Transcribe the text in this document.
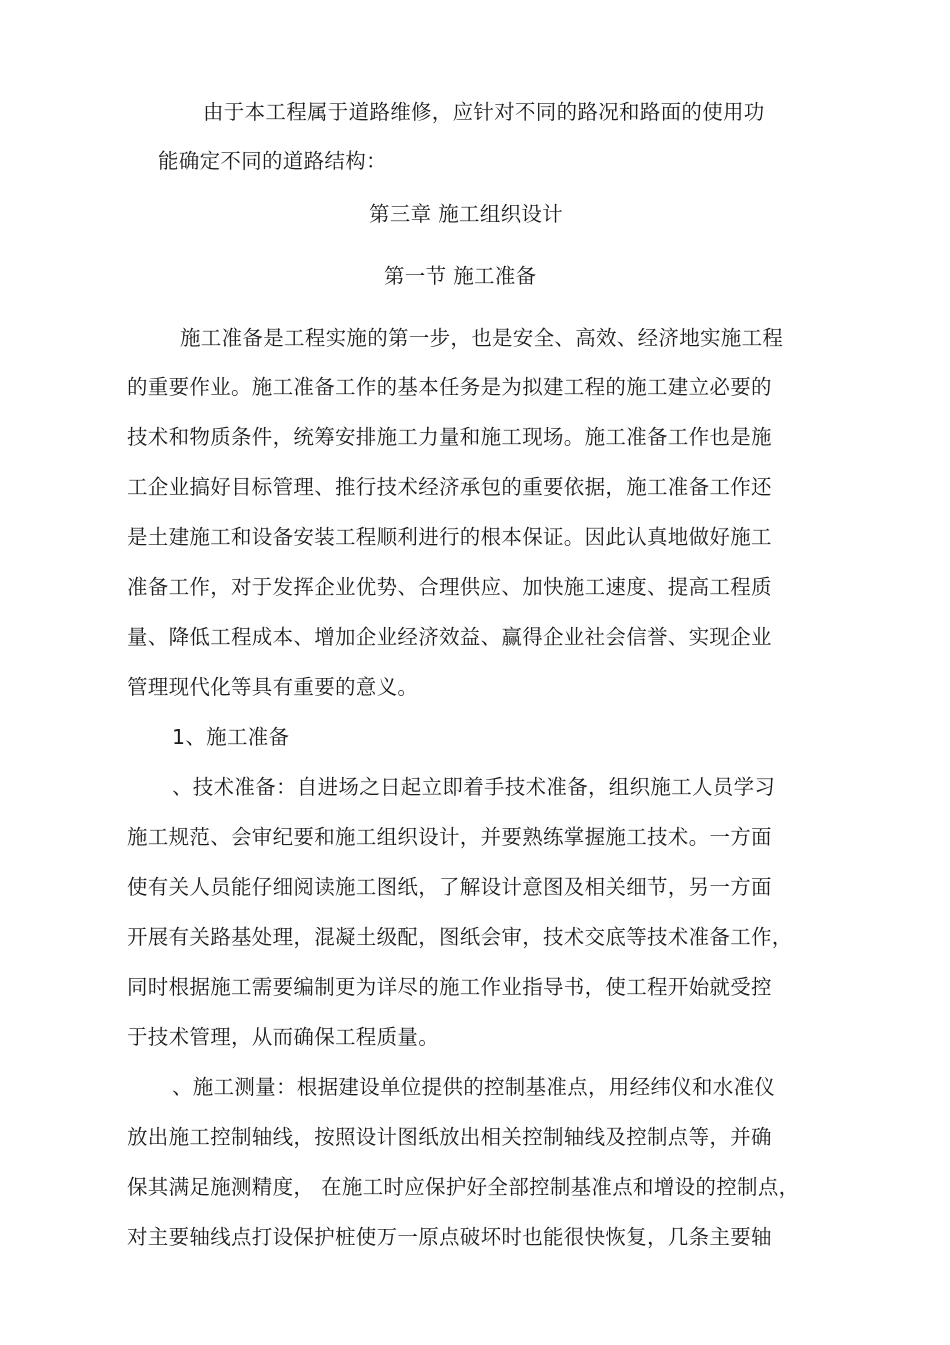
由于本工程属于道路维修，应针对不同的路况和路面的使用功
能确定不同的道路结构：
第三章 施工组织设计
第一节 施工准备
施工准备是工程实施的第一步，也是安全、高效、经济地实施工程
的重要作业。施工准备工作的基本任务是为拟建工程的施工建立必要的
技术和物质条件，统筹安排施工力量和施工现场。施工准备工作也是施
工企业搞好目标管理、推行技术经济承包的重要依据，施工准备工作还
是土建施工和设备安装工程顺利进行的根本保证。因此认真地做好施工
准备工作，对于发挥企业优势、合理供应、加快施工速度、提高工程质
量、降低工程成本、增加企业经济效益、赢得企业社会信誉、实现企业
管理现代化等具有重要的意义。
1、施工准备
、技术准备：自进场之日起立即着手技术准备，组织施工人员学习
施工规范、会审纪要和施工组织设计，并要熟练掌握施工技术。一方面
使有关人员能仔细阅读施工图纸，了解设计意图及相关细节，另一方面
开展有关路基处理，混凝土级配，图纸会审，技术交底等技术准备工作，
同时根据施工需要编制更为详尽的施工作业指导书，使工程开始就受控
于技术管理，从而确保工程质量。
、施工测量：根据建设单位提供的控制基准点，用经纬仪和水准仪
放出施工控制轴线，按照设计图纸放出相关控制轴线及控制点等，并确
保其满足施测精度， 在施工时应保护好全部控制基准点和增设的控制点，
对主要轴线点打设保护桩使万一原点破坏时也能很快恢复，几条主要轴
